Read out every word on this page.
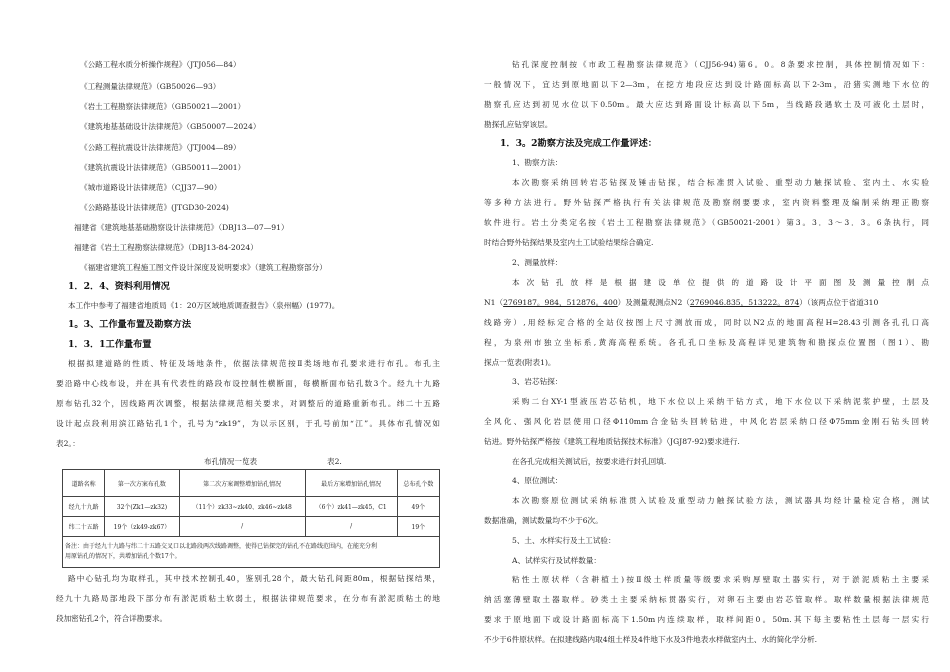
《公路工程水质分析操作规程》（JTJ056—84）
《工程测量法律规范》（GB50026—93）
《岩土工程勘察法律规范》（GB50021—2001）
《建筑地基基础设计法律规范》（GB50007—2024）
《公路工程抗震设计法律规范》（JTJ004—89）
《建筑抗震设计法律规范》（GB50011—2001）
《城市道路设计法律规范》（CJJ37—90）
《公路路基设计法律规范》(JTGD30-2024)
福建省《建筑地基基础勘察设计法律规范》（DBJ13—07—91）
福建省《岩土工程勘察法律规范》（DBJ13-84-2024）
《福建省建筑工程施工图文件设计深度及说明要求》（建筑工程勘察部分）
1．2．4、资料利用情况
本工作中参考了福建省地质局《1：20万区域地质调查报告》（泉州幅）(1977)。
1。3、工作量布置及勘察方法
1．3．1工作量布置
根据拟建道路的性质、特征及场地条件，依据法律规范按Ⅱ类场地布孔要求进行布孔。布孔主
要沿路中心线布设，并在具有代表性的路段布设控制性横断面，每横断面布钻孔数3个。经九十九路
原布钻孔32个，因线路两次调整，根据法律规范相关要求，对调整后的道路重新布孔。纬二十五路
设计起点段利用滨江路钻孔1个，孔号为“zk19”，为以示区别，于孔号前加“江”。具体布孔情况如
表2。：
布孔情况一览表	表2.
道路名称	第一次方案布孔数	第二次方案调整增加钻孔情况	最后方案增加钻孔情况	总布孔个数
经九十九路	32个(Zk1—zk32)	（11个）zk33~zk40、zk46~zk48	（6个）zk41—zk45，C1	49个
纬二十五路	19个（zk49-zk67）	/	/	19个

备注：由于经九十九路与纬二十五路交叉口以北路段两次线路调整，使得已钻探完的钻孔不在路线范围内，在能充分利
用原钻孔的情况下，共增加钻孔个数17个。				
路中心钻孔均为取样孔，其中技术控制孔40，鉴别孔28个，最大钻孔间距80m，根据钻探结果，
经九十九路局部地段下部分布有淤泥质粘土软弱土，根据法律规范要求，在分布有淤泥质粘土的地
段加密钻孔2个，符合详勘要求。
钻孔深度控制按《市政工程勘察法律规范》（CJJ56-94)第6。0。8条要求控制，具体控制情况如下：
一般情况下，宜达到原地面以下2—3m，在挖方地段应达到设计路面标高以下2-3m，沿猪实测地下水位的
勘察孔应达到初见水位以下0.50m。最大应达到路面设计标高以下5m，当线路段遇软土及可液化土层时，
勘探孔应钻穿该层。
1．3。2勘察方法及完成工作量评述：
1、勘察方法：
本次勘察采纳回转岩芯钻探及锤击钻探，结合标准贯入试验、重型动力触探试验、室内土、水实验
等多种方法进行。野外钻探严格执行有关法律规范及勘察纲要要求，室内资料整理及编制采纳理正勘察
软件进行。岩土分类定名按《岩土工程勘察法律规范》（GB50021-2001）第3。3．3～3．3。6条执行，同
时结合野外钻探结果及室内土工试验结果综合确定.
2、测量放样：
本 次 钻 孔 放 样 是 根 据 建 设 单 位 提 供 的 道 路 设 计 平 面 图 及 测 量 控 制 点
N1（2769187。984，512876。400）及测量观测点N2（2769046.835，513222。874）（该两点位于省道310
线路旁）,用经标定合格的全站仪按图上尺寸测放而成，同时以N2点的地面高程H=28.43引测各孔孔口高
程，为泉州市独立坐标系,黄海高程系统。各孔孔口坐标及高程详见建筑物和勘探点位置图（图1）、勘
探点一览表(附表1)。
3、岩芯钻探：
采购二台XY-1型液压岩芯钻机，地下水位以上采纳干钻方式，地下水位以下采纳泥浆护壁，土层及
全风化、强风化岩层使用口径Φ110mm合金钻头回转钻进，中风化岩层采纳口径Φ75mm金刚石钻头回转
钻进。野外钻探严格按《建筑工程地质钻探技术标准》（JGJ87-92)要求进行.
在各孔完成相关测试后，按要求进行封孔回填.
4、原位测试：
本次勘察原位测试采纳标准贯入试验及重型动力触探试验方法，测试器具均经计量检定合格，测试
数据准确，测试数量均不少于6次。
5、土、水样实行及土工试验：
A、试样实行及试样数量：
粘性土原状样（含耕植土)按Ⅱ级土样质量等级要求采购厚壁取土器实行，对于淤泥质粘土主要采
纳活塞薄壁取土器取样。砂类土主要采纳标贯器实行，对卵石主要由岩芯管取样。取样数量根据法律规范
要求于原地面下或设计路面标高下1.50m内连续取样，取样间距0。50m.其下每主要粘性土层每一层实行
不少于6件原状样。在拟建线路内取4组土样及4件地下水及3件地表水样做室内土、水的简化学分析.
